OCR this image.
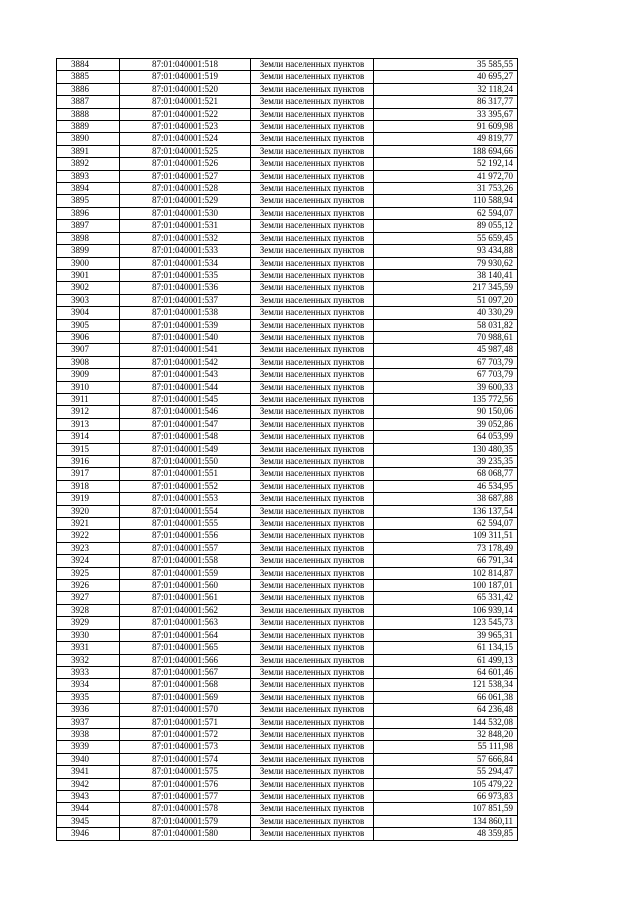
3884	87:01:040001:518	Земли населенных пунктов	35 585,55
3885	87:01:040001:519	Земли населенных пунктов	40 695,27
3886	87:01:040001:520	Земли населенных пунктов	32 118,24
3887	87:01:040001:521	Земли населенных пунктов	86 317,77
3888	87:01:040001:522	Земли населенных пунктов	33 395,67
3889	87:01:040001:523	Земли населенных пунктов	91 609,98
3890	87:01:040001:524	Земли населенных пунктов	49 819,77
3891	87:01:040001:525	Земли населенных пунктов	188 694,66
3892	87:01:040001:526	Земли населенных пунктов	52 192,14
3893	87:01:040001:527	Земли населенных пунктов	41 972,70
3894	87:01:040001:528	Земли населенных пунктов	31 753,26
3895	87:01:040001:529	Земли населенных пунктов	110 588,94
3896	87:01:040001:530	Земли населенных пунктов	62 594,07
3897	87:01:040001:531	Земли населенных пунктов	89 055,12
3898	87:01:040001:532	Земли населенных пунктов	55 659,45
3899	87:01:040001:533	Земли населенных пунктов	93 434,88
3900	87:01:040001:534	Земли населенных пунктов	79 930,62
3901	87:01:040001:535	Земли населенных пунктов	38 140,41
3902	87:01:040001:536	Земли населенных пунктов	217 345,59
3903	87:01:040001:537	Земли населенных пунктов	51 097,20
3904	87:01:040001:538	Земли населенных пунктов	40 330,29
3905	87:01:040001:539	Земли населенных пунктов	58 031,82
3906	87:01:040001:540	Земли населенных пунктов	70 988,61
3907	87:01:040001:541	Земли населенных пунктов	45 987,48
3908	87:01:040001:542	Земли населенных пунктов	67 703,79
3909	87:01:040001:543	Земли населенных пунктов	67 703,79
3910	87:01:040001:544	Земли населенных пунктов	39 600,33
3911	87:01:040001:545	Земли населенных пунктов	135 772,56
3912	87:01:040001:546	Земли населенных пунктов	90 150,06
3913	87:01:040001:547	Земли населенных пунктов	39 052,86
3914	87:01:040001:548	Земли населенных пунктов	64 053,99
3915	87:01:040001:549	Земли населенных пунктов	130 480,35
3916	87:01:040001:550	Земли населенных пунктов	39 235,35
3917	87:01:040001:551	Земли населенных пунктов	68 068,77
3918	87:01:040001:552	Земли населенных пунктов	46 534,95
3919	87:01:040001:553	Земли населенных пунктов	38 687,88
3920	87:01:040001:554	Земли населенных пунктов	136 137,54
3921	87:01:040001:555	Земли населенных пунктов	62 594,07
3922	87:01:040001:556	Земли населенных пунктов	109 311,51
3923	87:01:040001:557	Земли населенных пунктов	73 178,49
3924	87:01:040001:558	Земли населенных пунктов	66 791,34
3925	87:01:040001:559	Земли населенных пунктов	102 814,87
3926	87:01:040001:560	Земли населенных пунктов	100 187,01
3927	87:01:040001:561	Земли населенных пунктов	65 331,42
3928	87:01:040001:562	Земли населенных пунктов	106 939,14
3929	87:01:040001:563	Земли населенных пунктов	123 545,73
3930	87:01:040001:564	Земли населенных пунктов	39 965,31
3931	87:01:040001:565	Земли населенных пунктов	61 134,15
3932	87:01:040001:566	Земли населенных пунктов	61 499,13
3933	87:01:040001:567	Земли населенных пунктов	64 601,46
3934	87:01:040001:568	Земли населенных пунктов	121 538,34
3935	87:01:040001:569	Земли населенных пунктов	66 061,38
3936	87:01:040001:570	Земли населенных пунктов	64 236,48
3937	87:01:040001:571	Земли населенных пунктов	144 532,08
3938	87:01:040001:572	Земли населенных пунктов	32 848,20
3939	87:01:040001:573	Земли населенных пунктов	55 111,98
3940	87:01:040001:574	Земли населенных пунктов	57 666,84
3941	87:01:040001:575	Земли населенных пунктов	55 294,47
3942	87:01:040001:576	Земли населенных пунктов	105 479,22
3943	87:01:040001:577	Земли населенных пунктов	66 973,83
3944	87:01:040001:578	Земли населенных пунктов	107 851,59
3945	87:01:040001:579	Земли населенных пунктов	134 860,11
3946	87:01:040001:580	Земли населенных пунктов	48 359,85
